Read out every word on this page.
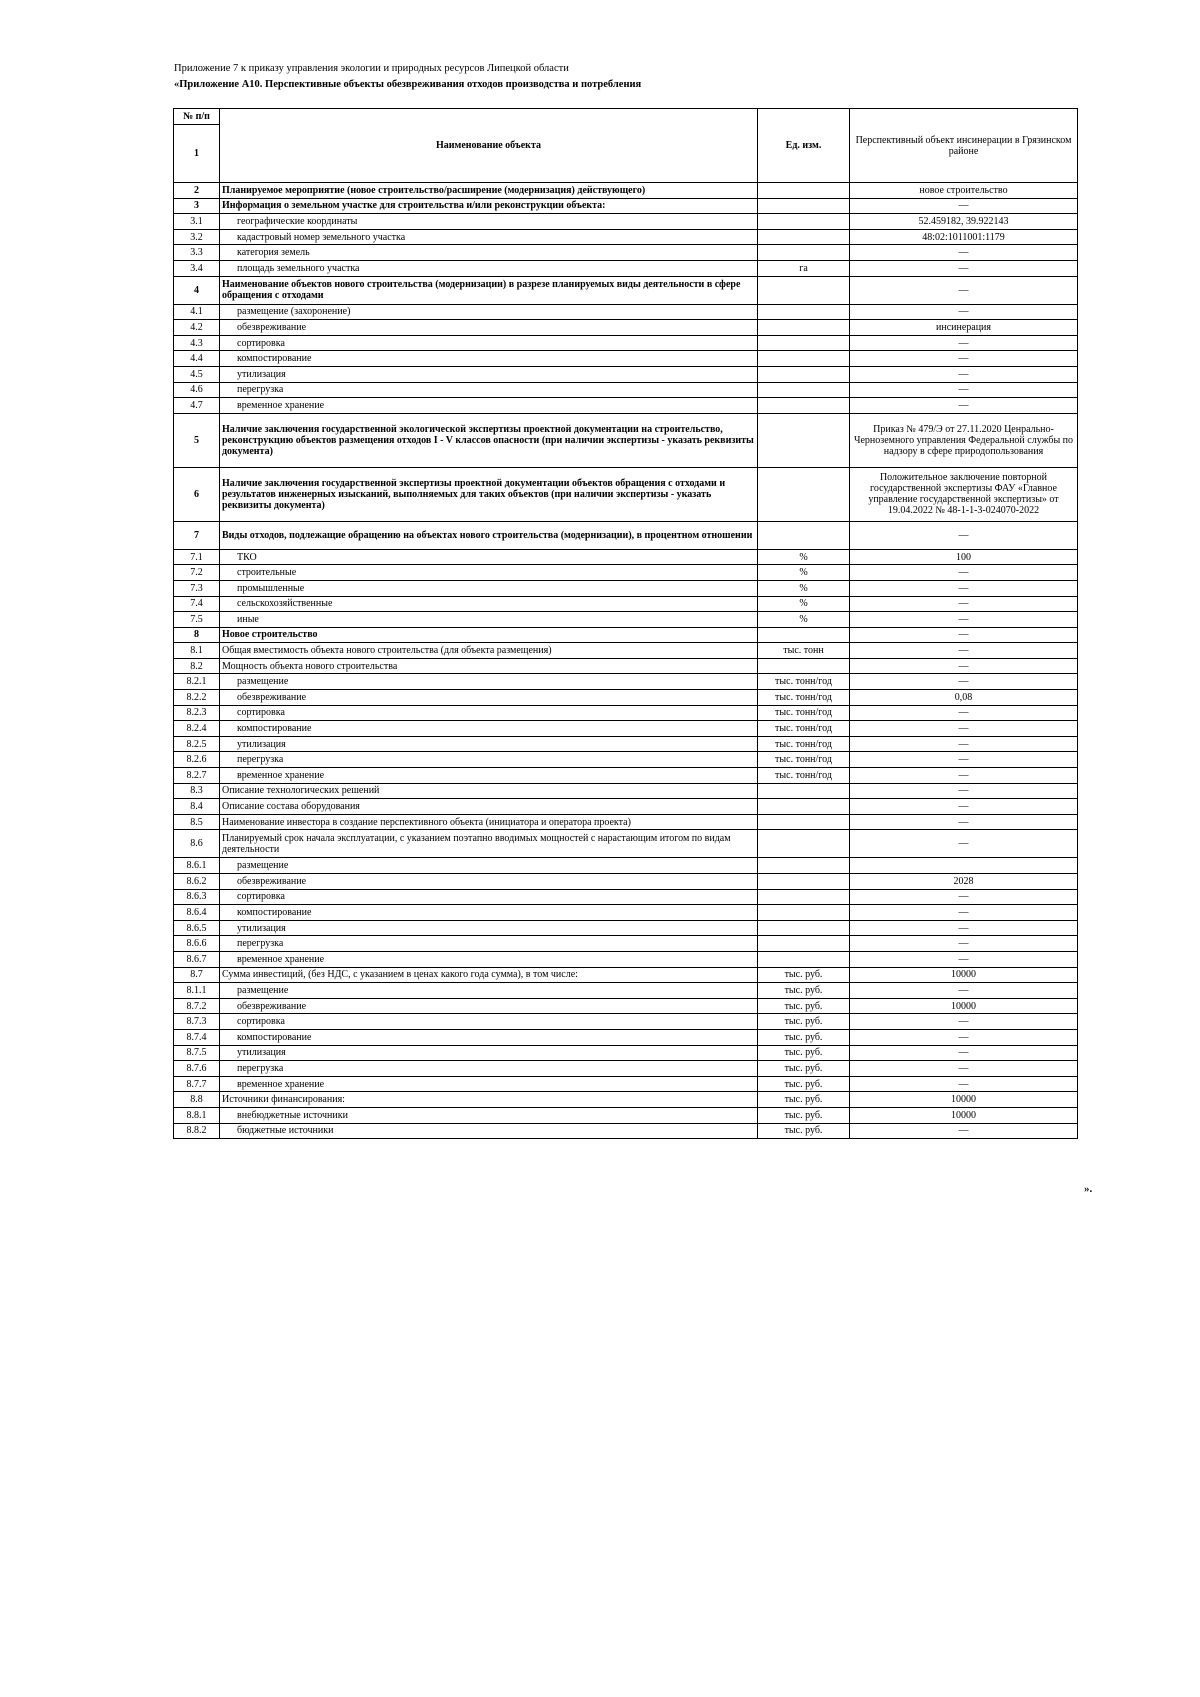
Приложение 7 к приказу управления экологии и природных ресурсов Липецкой области
«Приложение А10. Перспективные объекты обезвреживания отходов производства и потребления
№ п/п	Наименование объекта	Ед. изм.	Перспективный объект инсинерации в Грязинском районе
1			
2	Планируемое мероприятие (новое строительство/расширение (модернизация) действующего)		новое строительство
3	Информация о земельном участке для строительства и/или реконструкции объекта:		—
3.1	географические координаты		52.459182, 39.922143
3.2	кадастровый номер земельного участка		48:02:1011001:1179
3.3	категория земель		—
3.4	площадь земельного участка	га	—
4	Наименование объектов нового строительства (модернизации) в разрезе планируемых виды деятельности в сфере обращения с отходами		—
4.1	размещение (захоронение)		—
4.2	обезвреживание		инсинерация
4.3	сортировка		—
4.4	компостирование		—
4.5	утилизация		—
4.6	перегрузка		—
4.7	временное хранение		—
5	Наличие заключения государственной экологической экспертизы проектной документации на строительство, реконструкцию объектов размещения отходов I - V классов опасности (при наличии экспертизы - указать реквизиты документа)		Приказ № 479/Э от 27.11.2020 Ценрально-Черноземного управления Федеральной службы по надзору в сфере природопользования
6	Наличие заключения государственной экспертизы проектной документации объектов обращения с отходами и результатов инженерных изысканий, выполняемых для таких объектов (при наличии экспертизы - указать реквизиты документа)		Положительное заключение повторной государственной экспертизы ФАУ «Главное управление государственной экспертизы» от 19.04.2022 № 48-1-1-3-024070-2022
7	Виды отходов, подлежащие обращению на объектах нового строительства (модернизации), в процентном отношении		—
7.1	ТКО	%	100
7.2	строительные	%	—
7.3	промышленные	%	—
7.4	сельскохозяйственные	%	—
7.5	иные	%	—
8	Новое строительство		—
8.1	Общая вместимость объекта нового строительства (для объекта размещения)	тыс. тонн	—
8.2	Мощность объекта нового строительства		—
8.2.1	размещение	тыс. тонн/год	—
8.2.2	обезвреживание	тыс. тонн/год	0,08
8.2.3	сортировка	тыс. тонн/год	—
8.2.4	компостирование	тыс. тонн/год	—
8.2.5	утилизация	тыс. тонн/год	—
8.2.6	перегрузка	тыс. тонн/год	—
8.2.7	временное хранение	тыс. тонн/год	—
8.3	Описание технологических решений		—
8.4	Описание состава оборудования		—
8.5	Наименование инвестора в создание перспективного объекта (инициатора и оператора проекта)		—
8.6	Планируемый срок начала эксплуатации, с указанием поэтапно вводимых мощностей с нарастающим итогом по видам деятельности		—
8.6.1	размещение		
8.6.2	обезвреживание		2028
8.6.3	сортировка		—
8.6.4	компостирование		—
8.6.5	утилизация		—
8.6.6	перегрузка		—
8.6.7	временное хранение		—
8.7	Сумма инвестиций, (без НДС, с указанием в ценах какого года сумма), в том числе:	тыс. руб.	10000
8.1.1	размещение	тыс. руб.	—
8.7.2	обезвреживание	тыс. руб.	10000
8.7.3	сортировка	тыс. руб.	—
8.7.4	компостирование	тыс. руб.	—
8.7.5	утилизация	тыс. руб.	—
8.7.6	перегрузка	тыс. руб.	—
8.7.7	временное хранение	тыс. руб.	—
8.8	Источники финансирования:	тыс. руб.	10000
8.8.1	внебюджетные источники	тыс. руб.	10000
8.8.2	бюджетные источники	тыс. руб.	—
».
